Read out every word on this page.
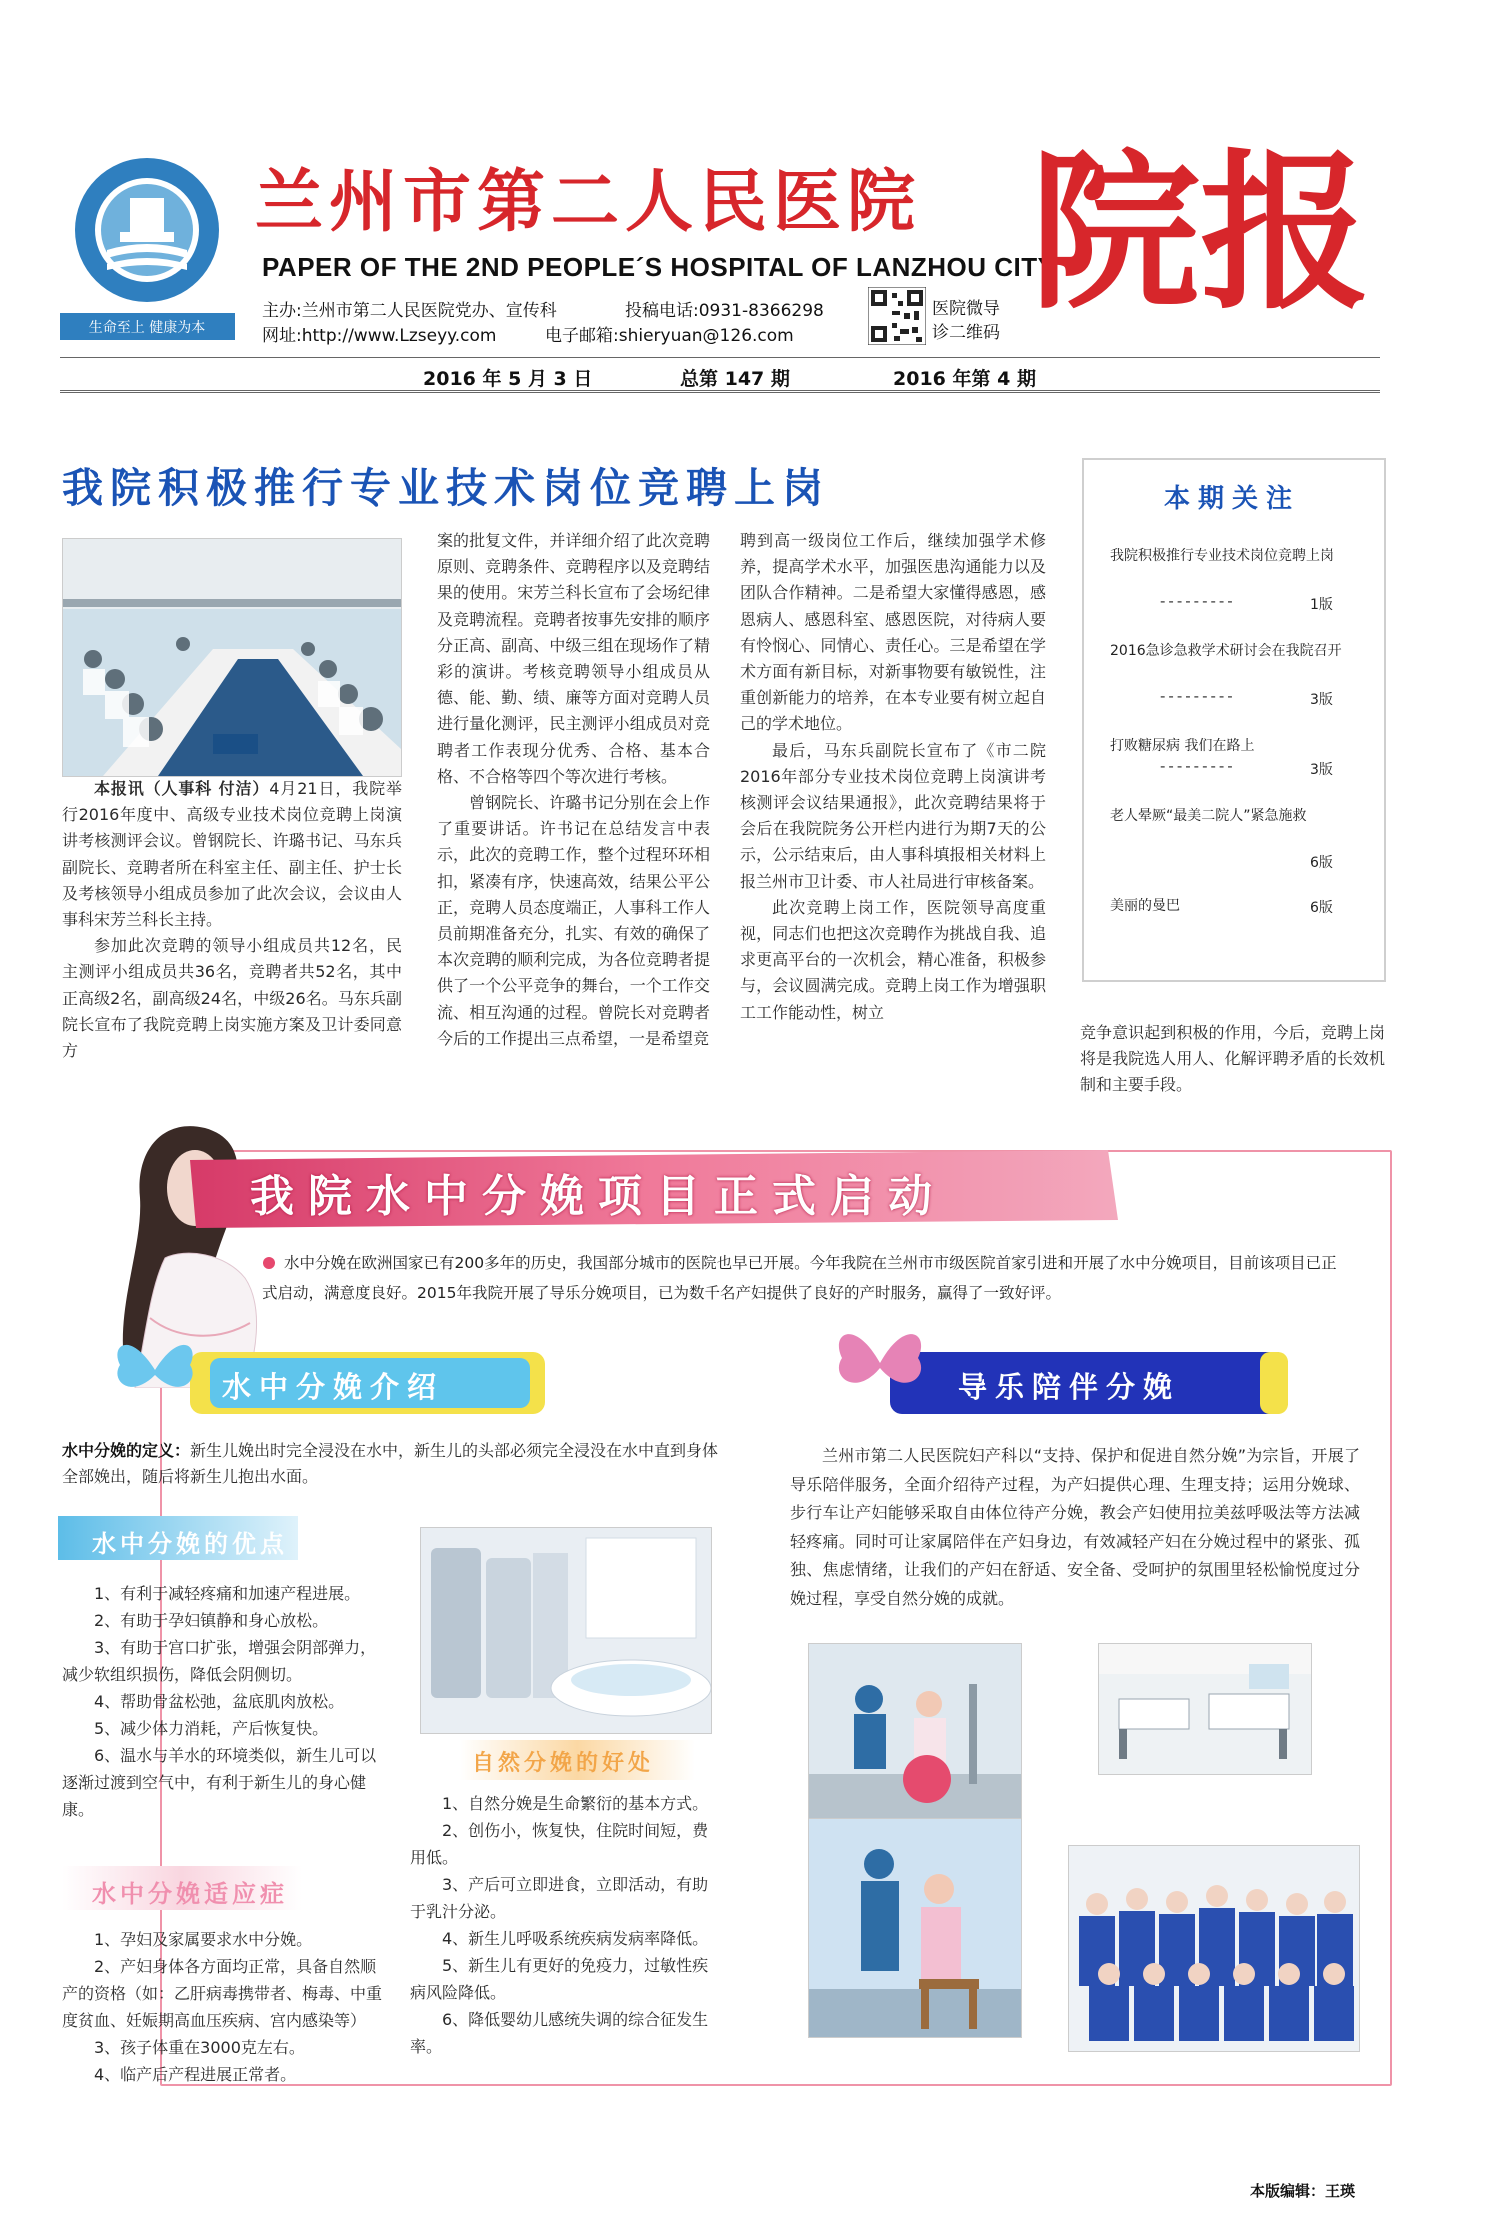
生命至上 健康为本
兰州市第二人民医院
PAPER OF THE 2ND PEOPLE´S HOSPITAL OF LANZHOU CITY
院报
主办:兰州市第二人民医院党办、宣传科	投稿电话:0931-8366298
网址:http://www.Lzseyy.com	电子邮箱:shieryuan@126.com
医院微导
诊二维码
2016 年 5 月 3 日	总第 147 期	2016 年第 4 期
我院积极推行专业技术岗位竞聘上岗

本报讯（人事科 付洁）4月21日，我院举行2016年度中、高级专业技术岗位竞聘上岗演讲考核测评会议。曾钢院长、许璐书记、马东兵副院长、竞聘者所在科室主任、副主任、护士长及考核领导小组成员参加了此次会议，会议由人事科宋芳兰科长主持。

参加此次竞聘的领导小组成员共12名，民主测评小组成员共36名，竞聘者共52名，其中正高级2名，副高级24名，中级26名。马东兵副院长宣布了我院竞聘上岗实施方案及卫计委同意方

案的批复文件，并详细介绍了此次竞聘原则、竞聘条件、竞聘程序以及竞聘结果的使用。宋芳兰科长宣布了会场纪律及竞聘流程。竞聘者按事先安排的顺序分正高、副高、中级三组在现场作了精彩的演讲。考核竞聘领导小组成员从德、能、勤、绩、廉等方面对竞聘人员进行量化测评，民主测评小组成员对竞聘者工作表现分优秀、合格、基本合格、不合格等四个等次进行考核。

曾钢院长、许璐书记分别在会上作了重要讲话。许书记在总结发言中表示，此次的竞聘工作，整个过程环环相扣，紧凑有序，快速高效，结果公平公正，竞聘人员态度端正，人事科工作人员前期准备充分，扎实、有效的确保了本次竞聘的顺利完成，为各位竞聘者提供了一个公平竞争的舞台，一个工作交流、相互沟通的过程。曾院长对竞聘者今后的工作提出三点希望，一是希望竞

聘到高一级岗位工作后，继续加强学术修养，提高学术水平，加强医患沟通能力以及团队合作精神。二是希望大家懂得感恩，感恩病人、感恩科室、感恩医院，对待病人要有怜悯心、同情心、责任心。三是希望在学术方面有新目标，对新事物要有敏锐性，注重创新能力的培养，在本专业要有树立起自己的学术地位。

最后，马东兵副院长宣布了《市二院2016年部分专业技术岗位竞聘上岗演讲考核测评会议结果通报》，此次竞聘结果将于会后在我院院务公开栏内进行为期7天的公示，公示结束后，由人事科填报相关材料上报兰州市卫计委、市人社局进行审核备案。

此次竞聘上岗工作，医院领导高度重视，同志们也把这次竞聘作为挑战自我、追求更高平台的一次机会，精心准备，积极参与，会议圆满完成。竞聘上岗工作为增强职工工作能动性，树立

本期关注
我院积极推行专业技术岗位竞聘上岗
---------	1版
2016急诊急救学术研讨会在我院召开
---------	3版
打败糖尿病 我们在路上
---------	3版
老人晕厥“最美二院人”紧急施救
6版
美丽的曼巴	6版
竞争意识起到积极的作用，今后，竞聘上岗将是我院选人用人、化解评聘矛盾的长效机制和主要手段。
我院水中分娩项目正式启动
水中分娩在欧洲国家已有200多年的历史，我国部分城市的医院也早已开展。今年我院在兰州市市级医院首家引进和开展了水中分娩项目，目前该项目已正式启动，满意度良好。2015年我院开展了导乐分娩项目，已为数千名产妇提供了良好的产时服务，赢得了一致好评。
水中分娩介绍	导乐陪伴分娩
水中分娩的定义：新生儿娩出时完全浸没在水中，新生儿的头部必须完全浸没在水中直到身体全部娩出，随后将新生儿抱出水面。
水中分娩的优点

1、有利于减轻疼痛和加速产程进展。

2、有助于孕妇镇静和身心放松。

3、有助于宫口扩张，增强会阴部弹力，减少软组织损伤，降低会阴侧切。

4、帮助骨盆松弛，盆底肌肉放松。

5、减少体力消耗，产后恢复快。

6、温水与羊水的环境类似，新生儿可以逐渐过渡到空气中，有利于新生儿的身心健康。

水中分娩适应症

1、孕妇及家属要求水中分娩。

2、产妇身体各方面均正常，具备自然顺产的资格（如：乙肝病毒携带者、梅毒、中重度贫血、妊娠期高血压疾病、宫内感染等）

3、孩子体重在3000克左右。

4、临产后产程进展正常者。

自然分娩的好处

1、自然分娩是生命繁衍的基本方式。

2、创伤小，恢复快，住院时间短，费用低。

3、产后可立即进食，立即活动，有助于乳汁分泌。

4、新生儿呼吸系统疾病发病率降低。

5、新生儿有更好的免疫力，过敏性疾病风险降低。

6、降低婴幼儿感统失调的综合征发生率。

兰州市第二人民医院妇产科以“支持、保护和促进自然分娩”为宗旨，开展了导乐陪伴服务，全面介绍待产过程，为产妇提供心理、生理支持；运用分娩球、步行车让产妇能够采取自由体位待产分娩，教会产妇使用拉美兹呼吸法等方法减轻疼痛。同时可让家属陪伴在产妇身边，有效减轻产妇在分娩过程中的紧张、孤独、焦虑情绪，让我们的产妇在舒适、安全备、受呵护的氛围里轻松愉悦度过分娩过程，享受自然分娩的成就。
本版编辑：王瑛
